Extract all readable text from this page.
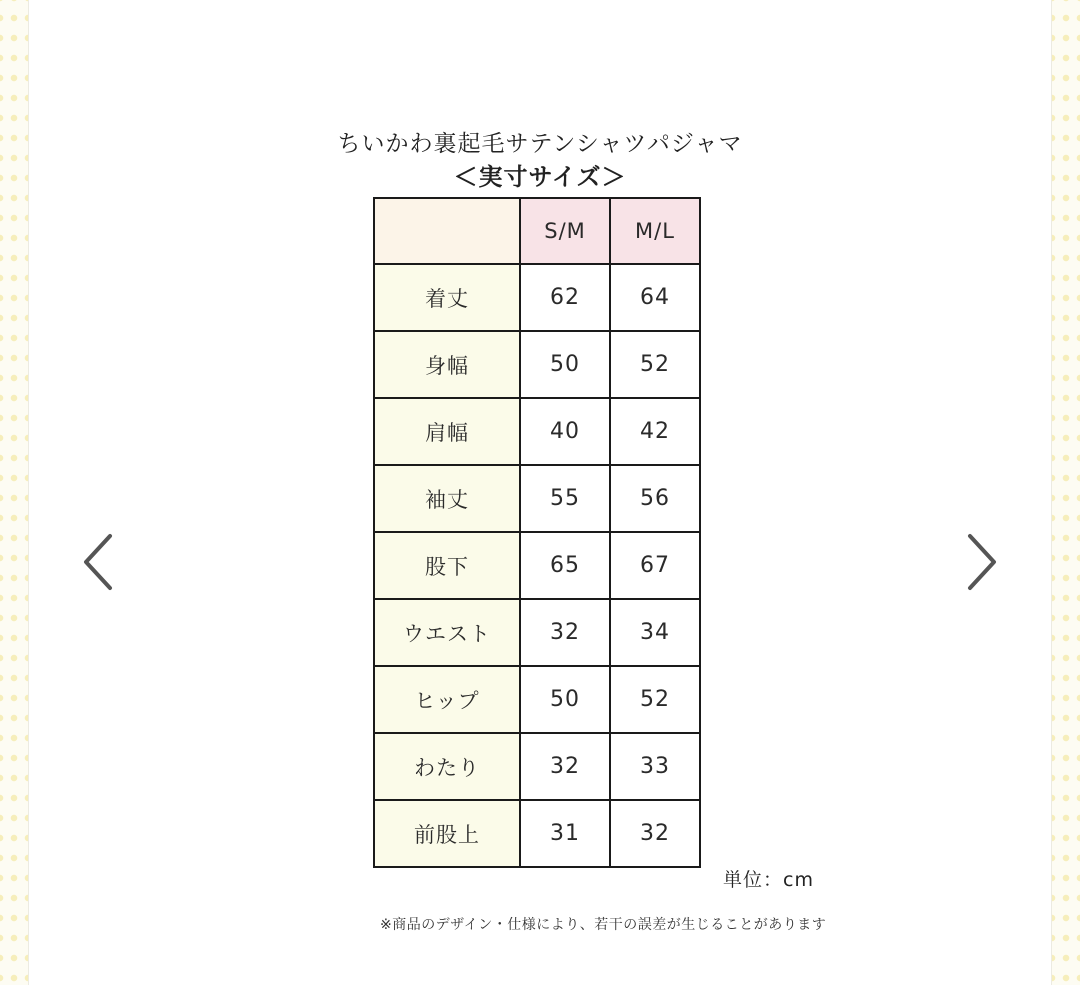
ちいかわ裏起毛サテンシャツパジャマ
＜実寸サイズ＞
	S/M	M/L
着丈	62	64
身幅	50	52
肩幅	40	42
袖丈	55	56
股下	65	67
ウエスト	32	34
ヒップ	50	52
わたり	32	33
前股上	31	32
単位：cm
※商品のデザイン・仕様により、若干の誤差が生じることがあります
